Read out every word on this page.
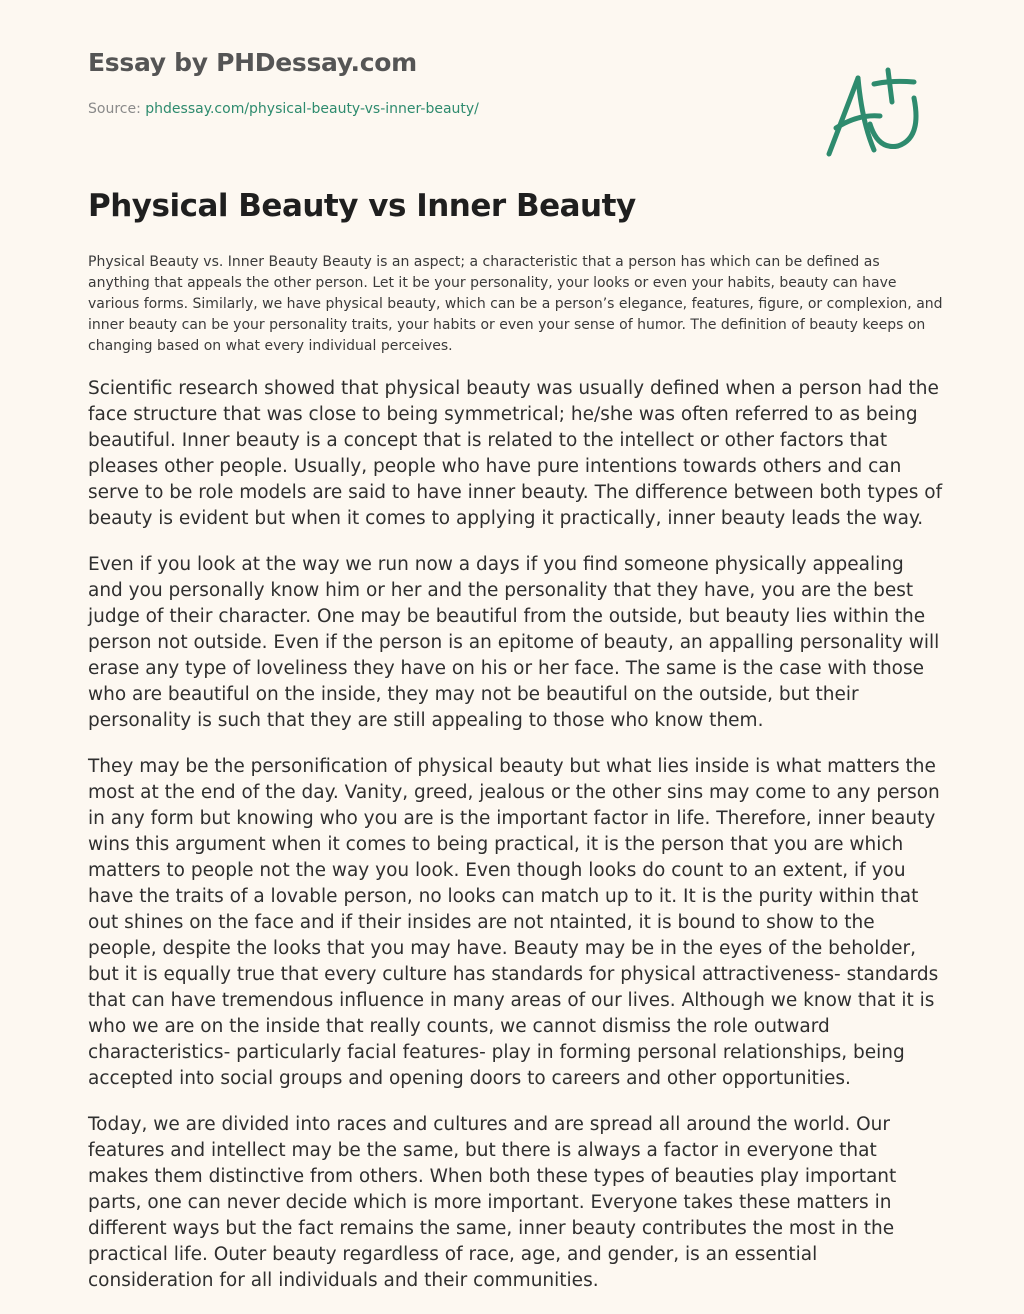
Essay by PHDessay.com
Source: phdessay.com/physical-beauty-vs-inner-beauty/
Physical Beauty vs Inner Beauty

Physical Beauty vs. Inner Beauty Beauty is an aspect; a characteristic that a person has which can be defined as anything that appeals the other person. Let it be your personality, your looks or even your habits, beauty can have various forms. Similarly, we have physical beauty, which can be a person’s elegance, features, figure, or complexion, and inner beauty can be your personality traits, your habits or even your sense of humor. The definition of beauty keeps on changing based on what every individual perceives.

Scientific research showed that physical beauty was usually defined when a person had the face structure that was close to being symmetrical; he/she was often referred to as being beautiful. Inner beauty is a concept that is related to the intellect or other factors that pleases other people. Usually, people who have pure intentions towards others and can serve to be role models are said to have inner beauty. The difference between both types of beauty is evident but when it comes to applying it practically, inner beauty leads the way.

Even if you look at the way we run now a days if you find someone physically appealing and you personally know him or her and the personality that they have, you are the best judge of their character. One may be beautiful from the outside, but beauty lies within the person not outside. Even if the person is an epitome of beauty, an appalling personality will erase any type of loveliness they have on his or her face. The same is the case with those who are beautiful on the inside, they may not be beautiful on the outside, but their personality is such that they are still appealing to those who know them.

They may be the personification of physical beauty but what lies inside is what matters the most at the end of the day. Vanity, greed, jealous or the other sins may come to any person in any form but knowing who you are is the important factor in life. Therefore, inner beauty wins this argument when it comes to being practical, it is the person that you are which matters to people not the way you look. Even though looks do count to an extent, if you have the traits of a lovable person, no looks can match up to it. It is the purity within that out shines on the face and if their insides are not ntainted, it is bound to show to the people, despite the looks that you may have. Beauty may be in the eyes of the beholder, but it is equally true that every culture has standards for physical attractiveness- standards that can have tremendous influence in many areas of our lives. Although we know that it is who we are on the inside that really counts, we cannot dismiss the role outward characteristics- particularly facial features- play in forming personal relationships, being accepted into social groups and opening doors to careers and other opportunities.

Today, we are divided into races and cultures and are spread all around the world. Our features and intellect may be the same, but there is always a factor in everyone that makes them distinctive from others. When both these types of beauties play important parts, one can never decide which is more important. Everyone takes these matters in different ways but the fact remains the same, inner beauty contributes the most in the practical life. Outer beauty regardless of race, age, and gender, is an essential consideration for all individuals and their communities.
